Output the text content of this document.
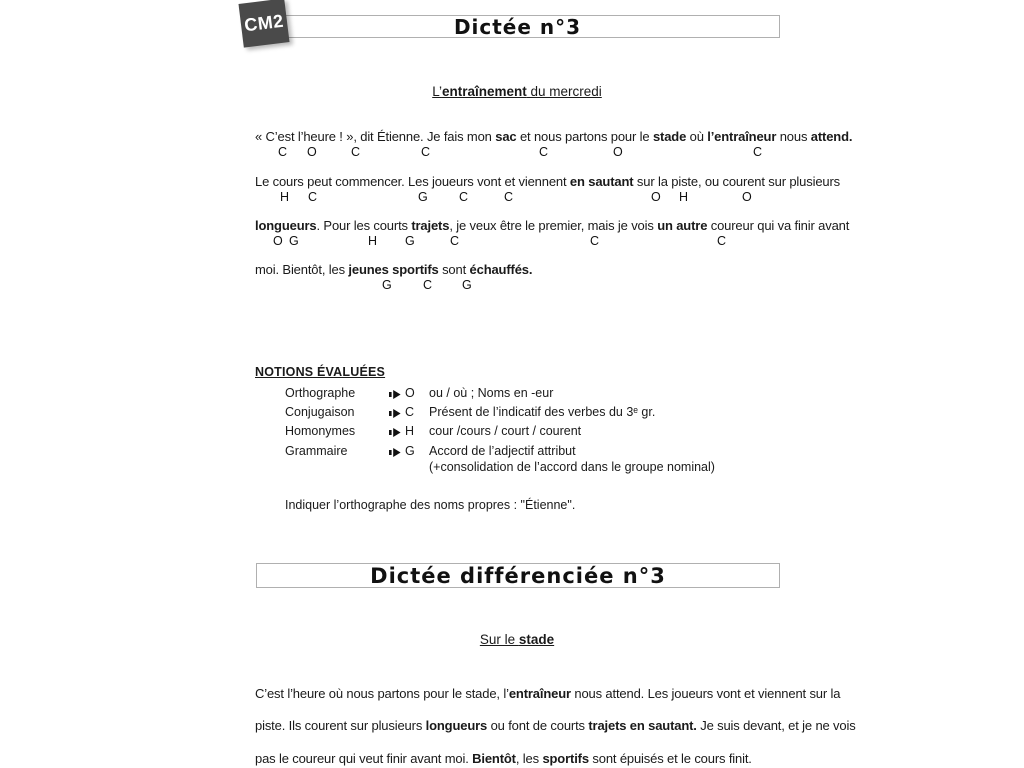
CM2	Dictée n°3
L’entraînement du mercredi
« C’est l’heure ! », dit Étienne. Je fais mon sac et nous partons pour le stade où l’entraîneur nous attend.
C O	C	C	C	O	C
Le cours peut commencer. Les joueurs vont et viennent en sautant sur la piste, ou courent sur plusieurs
H C	G	C	C	O H	O
longueurs. Pour les courts trajets, je veux être le premier, mais je vois un autre coureur qui va finir avant
O G	H G	C	C	C
moi. Bientôt, les jeunes sportifs sont échauffés.
G	C G
NOTIONS ÉVALUÉES
Orthographe	O ou / où ; Noms en -eur
Conjugaison	C Présent de l’indicatif des verbes du 3ᵉ gr.
Homonymes	H cour /cours / court / courent
Grammaire	G Accord de l’adjectif attribut
(+consolidation de l’accord dans le groupe nominal)
Indiquer l’orthographe des noms propres : "Étienne".
Dictée différenciée n°3
Sur le stade
C’est l’heure où nous partons pour le stade, l’entraîneur nous attend. Les joueurs vont et viennent sur la
piste. Ils courent sur plusieurs longueurs ou font de courts trajets en sautant. Je suis devant, et je ne vois
pas le coureur qui veut finir avant moi. Bientôt, les sportifs sont épuisés et le cours finit.
